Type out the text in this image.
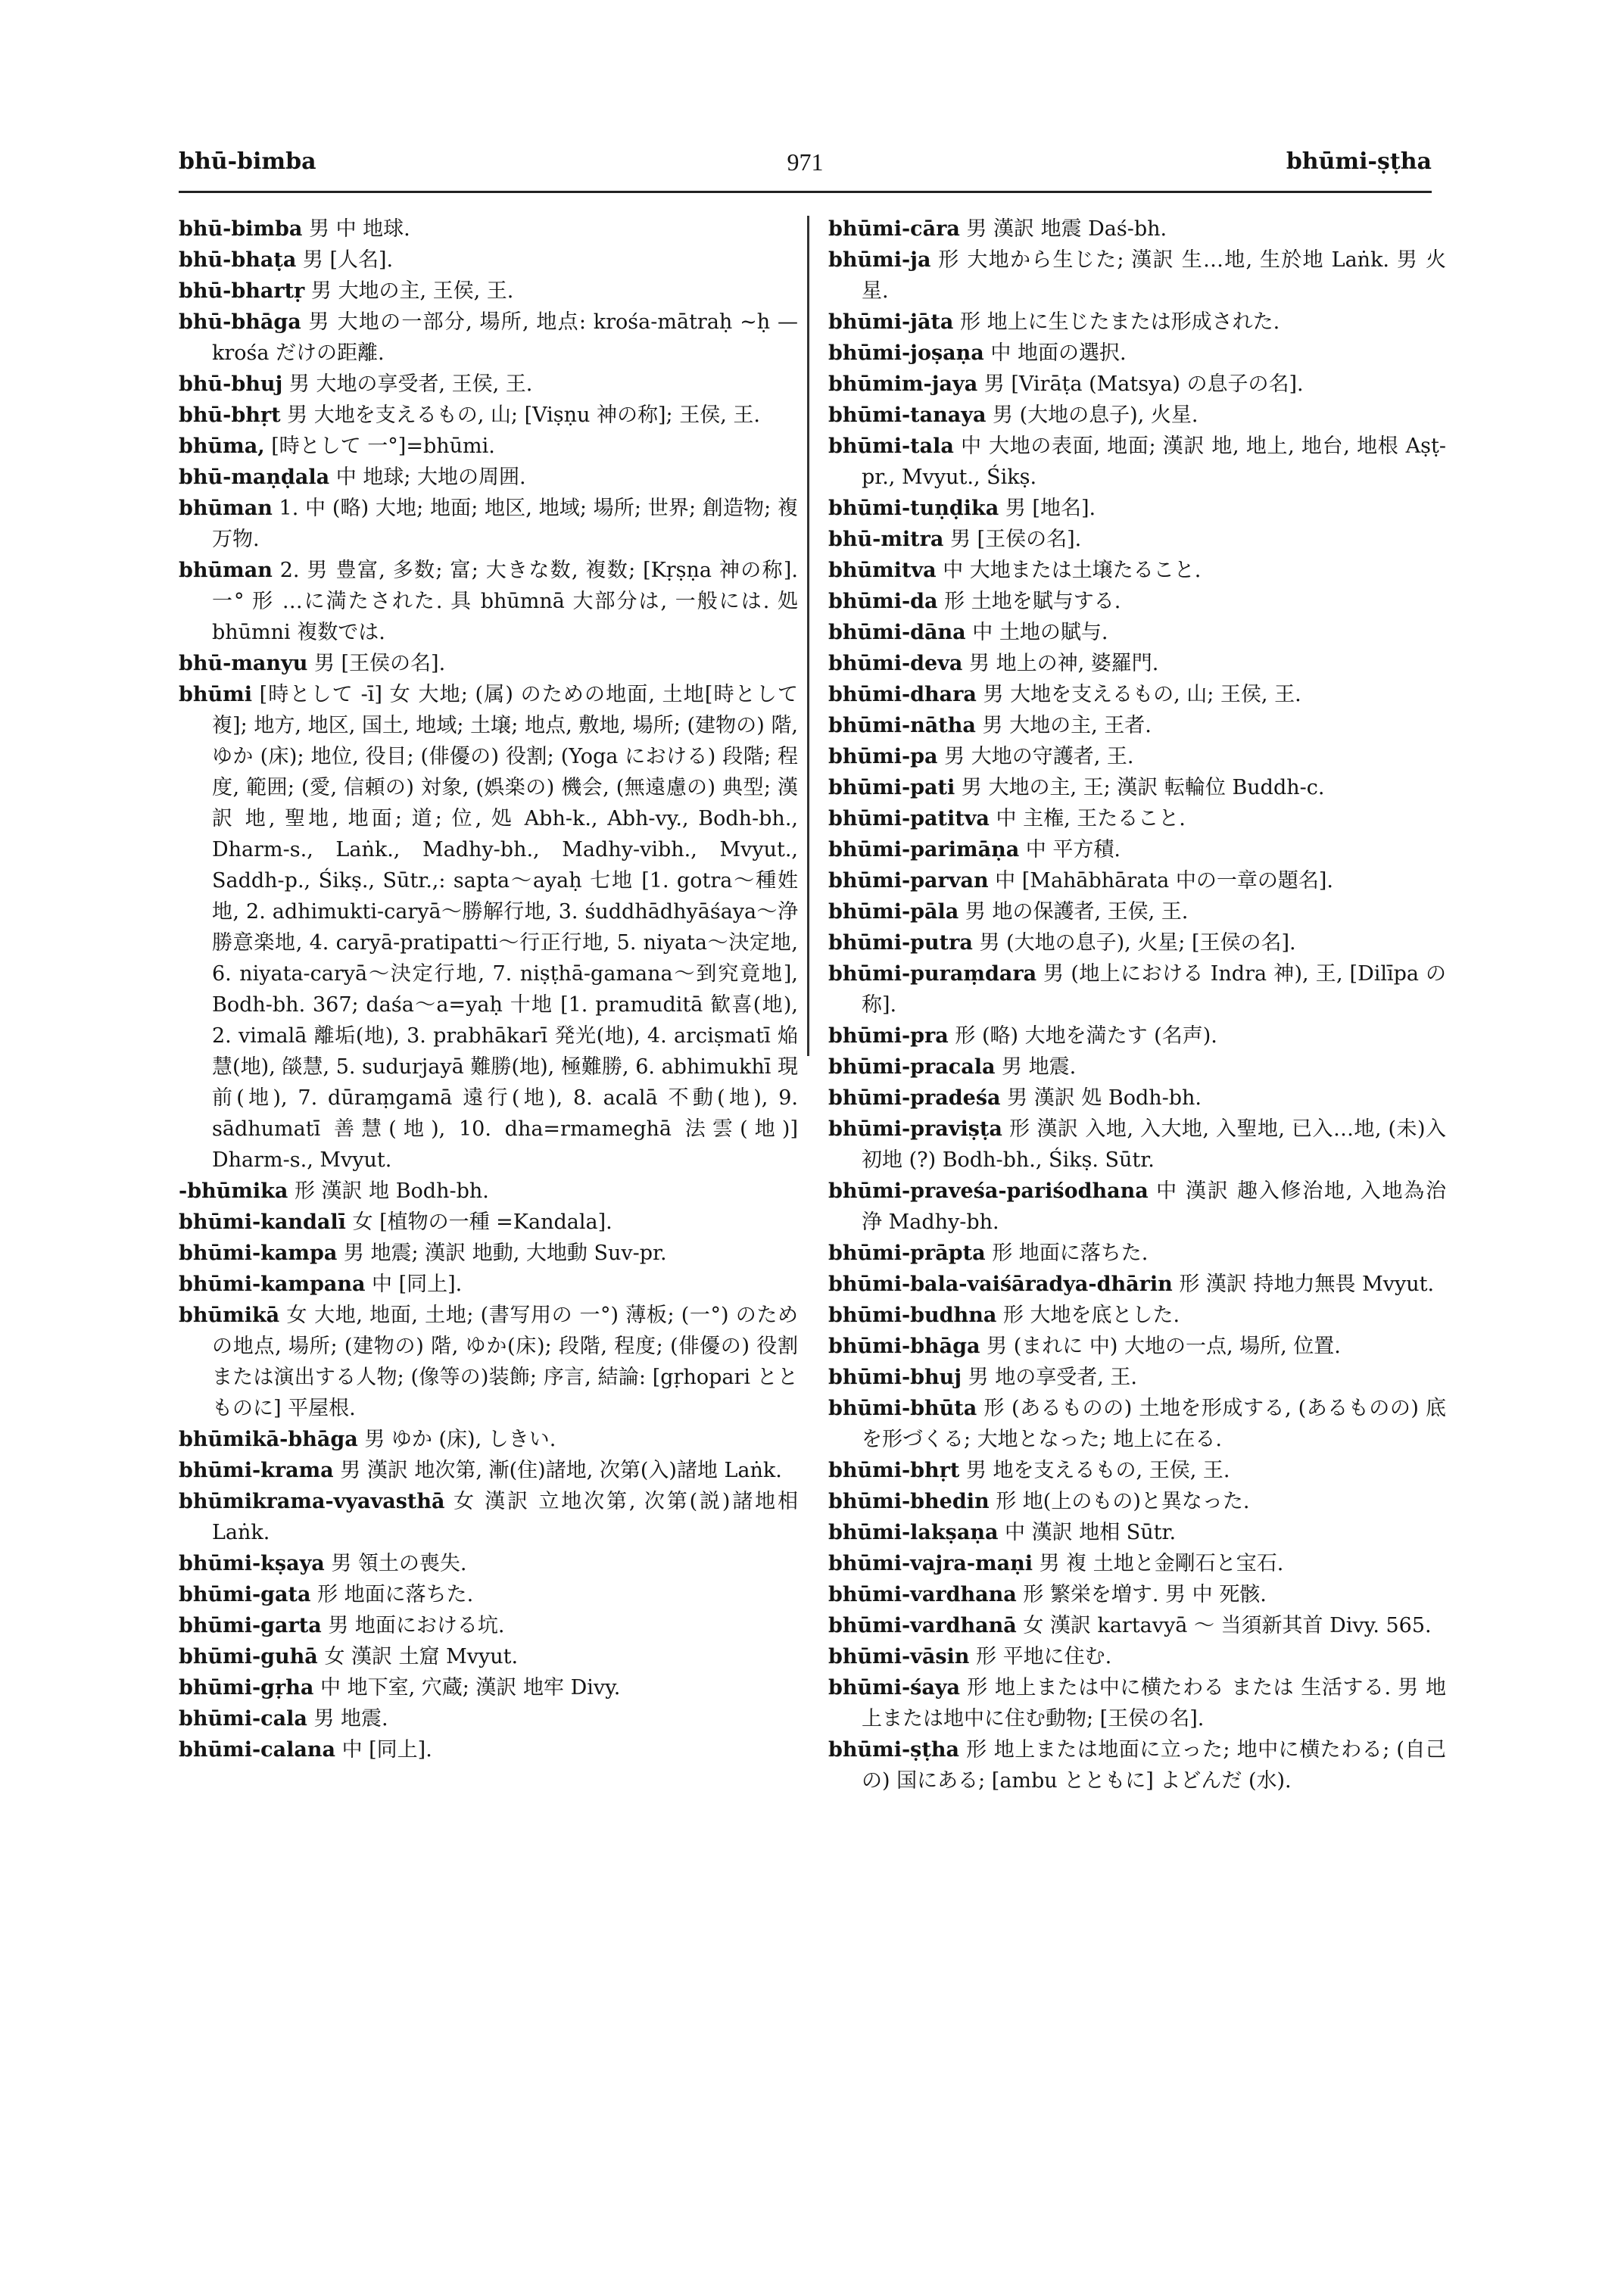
bhū-bimba	971	bhūmi-ṣṭha

bhū-bimba 男 中 地球.

bhū-bhaṭa 男 [人名].

bhū-bhartṛ 男 大地の主, 王侯, 王.

bhū-bhāga 男 大地の一部分, 場所, 地点: krośa-mātraḥ ~ḥ —krośa だけの距離.

bhū-bhuj 男 大地の享受者, 王侯, 王.

bhū-bhṛt 男 大地を支えるもの, 山; [Viṣṇu 神の称]; 王侯, 王.

bhūma, [時として 一°]=bhūmi.

bhū-maṇḍala 中 地球; 大地の周囲.

bhūman 1. 中 (略) 大地; 地面; 地区, 地域; 場所; 世界; 創造物; 複 万物.

bhūman 2. 男 豊富, 多数; 富; 大きな数, 複数; [Kṛṣṇa 神の称]. 一° 形 …に満たされた. 具 bhūmnā 大部分は, 一般には. 処 bhūmni 複数では.

bhū-manyu 男 [王侯の名].

bhūmi [時として -ī] 女 大地; (属) のための地面, 土地[時として 複]; 地方, 地区, 国土, 地域; 土壌; 地点, 敷地, 場所; (建物の) 階, ゆか (床); 地位, 役目; (俳優の) 役割; (Yoga における) 段階; 程度, 範囲; (愛, 信頼の) 対象, (娯楽の) 機会, (無遠慮の) 典型; 漢訳 地, 聖地, 地面; 道; 位, 処 Abh-k., Abh-vy., Bodh-bh., Dharm-s., Laṅk., Madhy-bh., Madhy-vibh., Mvyut., Saddh-p., Śikṣ., Sūtr.,: sapta～ayaḥ 七地 [1. gotra～種姓地, 2. adhimukti-caryā～勝解行地, 3. śuddhādhyāśaya～浄勝意楽地, 4. caryā-pratipatti～行正行地, 5. niyata～決定地, 6. niyata-caryā～決定行地, 7. niṣṭhā-gamana～到究竟地], Bodh-bh. 367; daśa～a=yaḥ 十地 [1. pramuditā 歓喜(地), 2. vimalā 離垢(地), 3. prabhākarī 発光(地), 4. arciṣmatī 焔慧(地), 燄慧, 5. sudurjayā 難勝(地), 極難勝, 6. abhimukhī 現前(地), 7. dūraṃgamā 遠行(地), 8. acalā 不動(地), 9. sādhumatī 善慧(地), 10. dha=rmameghā 法雲(地)] Dharm-s., Mvyut.

-bhūmika 形 漢訳 地 Bodh-bh.

bhūmi-kandalī 女 [植物の一種 =Kandala].

bhūmi-kampa 男 地震; 漢訳 地動, 大地動 Suv-pr.

bhūmi-kampana 中 [同上].

bhūmikā 女 大地, 地面, 土地; (書写用の 一°) 薄板; (一°) のための地点, 場所; (建物の) 階, ゆか(床); 段階, 程度; (俳優の) 役割または演出する人物; (像等の)装飾; 序言, 結論: [gṛhopari ととものに] 平屋根.

bhūmikā-bhāga 男 ゆか (床), しきい.

bhūmi-krama 男 漢訳 地次第, 漸(住)諸地, 次第(入)諸地 Laṅk.

bhūmikrama-vyavasthā 女 漢訳 立地次第, 次第(説)諸地相 Laṅk.

bhūmi-kṣaya 男 領土の喪失.

bhūmi-gata 形 地面に落ちた.

bhūmi-garta 男 地面における坑.

bhūmi-guhā 女 漢訳 土窟 Mvyut.

bhūmi-gṛha 中 地下室, 穴蔵; 漢訳 地牢 Divy.

bhūmi-cala 男 地震.

bhūmi-calana 中 [同上].

bhūmi-cāra 男 漢訳 地震 Daś-bh.

bhūmi-ja 形 大地から生じた; 漢訳 生…地, 生於地 Laṅk. 男 火星.

bhūmi-jāta 形 地上に生じたまたは形成された.

bhūmi-joṣaṇa 中 地面の選択.

bhūmim-jaya 男 [Virāṭa (Matsya) の息子の名].

bhūmi-tanaya 男 (大地の息子), 火星.

bhūmi-tala 中 大地の表面, 地面; 漢訳 地, 地上, 地台, 地根 Aṣṭ-pr., Mvyut., Śikṣ.

bhūmi-tuṇḍika 男 [地名].

bhū-mitra 男 [王侯の名].

bhūmitva 中 大地または土壌たること.

bhūmi-da 形 土地を賦与する.

bhūmi-dāna 中 土地の賦与.

bhūmi-deva 男 地上の神, 婆羅門.

bhūmi-dhara 男 大地を支えるもの, 山; 王侯, 王.

bhūmi-nātha 男 大地の主, 王者.

bhūmi-pa 男 大地の守護者, 王.

bhūmi-pati 男 大地の主, 王; 漢訳 転輪位 Buddh-c.

bhūmi-patitva 中 主権, 王たること.

bhūmi-parimāṇa 中 平方積.

bhūmi-parvan 中 [Mahābhārata 中の一章の題名].

bhūmi-pāla 男 地の保護者, 王侯, 王.

bhūmi-putra 男 (大地の息子), 火星; [王侯の名].

bhūmi-puraṃdara 男 (地上における Indra 神), 王, [Dilīpa の称].

bhūmi-pra 形 (略) 大地を満たす (名声).

bhūmi-pracala 男 地震.

bhūmi-pradeśa 男 漢訳 処 Bodh-bh.

bhūmi-praviṣṭa 形 漢訳 入地, 入大地, 入聖地, 已入…地, (未)入初地 (?) Bodh-bh., Śikṣ. Sūtr.

bhūmi-praveśa-pariśodhana 中 漢訳 趣入修治地, 入地為治浄 Madhy-bh.

bhūmi-prāpta 形 地面に落ちた.

bhūmi-bala-vaiśāradya-dhārin 形 漢訳 持地力無畏 Mvyut.

bhūmi-budhna 形 大地を底とした.

bhūmi-bhāga 男 (まれに 中) 大地の一点, 場所, 位置.

bhūmi-bhuj 男 地の享受者, 王.

bhūmi-bhūta 形 (あるものの) 土地を形成する, (あるものの) 底を形づくる; 大地となった; 地上に在る.

bhūmi-bhṛt 男 地を支えるもの, 王侯, 王.

bhūmi-bhedin 形 地(上のもの)と異なった.

bhūmi-lakṣaṇa 中 漢訳 地相 Sūtr.

bhūmi-vajra-maṇi 男 複 土地と金剛石と宝石.

bhūmi-vardhana 形 繁栄を増す. 男 中 死骸.

bhūmi-vardhanā 女 漢訳 kartavyā ～ 当須新其首 Divy. 565.

bhūmi-vāsin 形 平地に住む.

bhūmi-śaya 形 地上または中に横たわる または 生活する. 男 地上または地中に住む動物; [王侯の名].

bhūmi-ṣṭha 形 地上または地面に立った; 地中に横たわる; (自己の) 国にある; [ambu とともに] よどんだ (水).
